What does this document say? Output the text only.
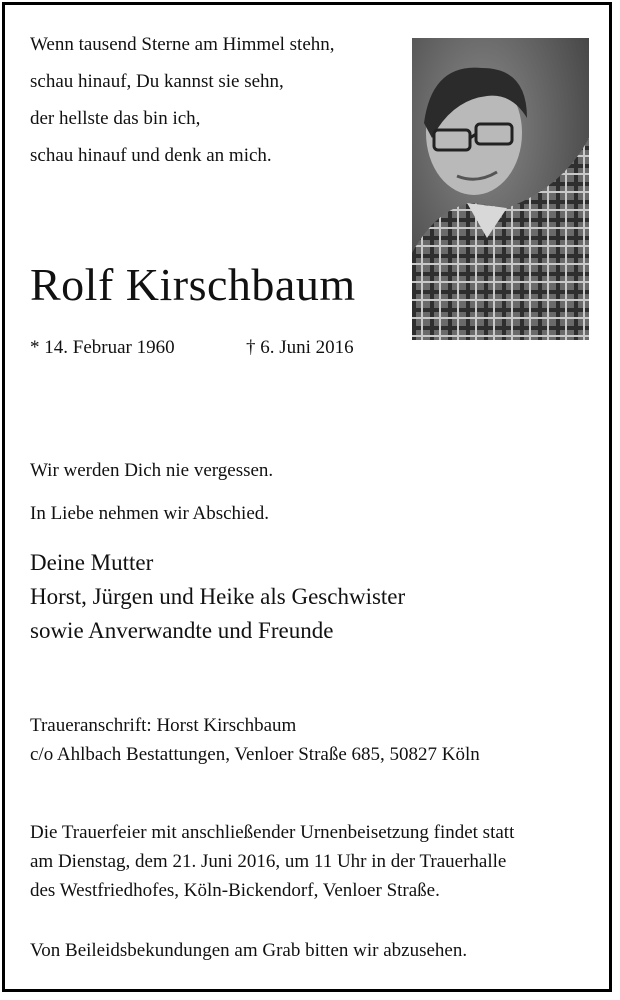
Wenn tausend Sterne am Himmel stehn,
schau hinauf, Du kannst sie sehn,
der hellste das bin ich,
schau hinauf und denk an mich.
Rolf Kirschbaum
* 14. Februar 1960	† 6. Juni 2016
Wir werden Dich nie vergessen.
In Liebe nehmen wir Abschied.
Deine Mutter
Horst, Jürgen und Heike als Geschwister
sowie Anverwandte und Freunde
Traueranschrift: Horst Kirschbaum
c/o Ahlbach Bestattungen, Venloer Straße 685, 50827 Köln
Die Trauerfeier mit anschließender Urnenbeisetzung findet statt
am Dienstag, dem 21. Juni 2016, um 11 Uhr in der Trauerhalle
des Westfriedhofes, Köln-Bickendorf, Venloer Straße.
Von Beileidsbekundungen am Grab bitten wir abzusehen.
